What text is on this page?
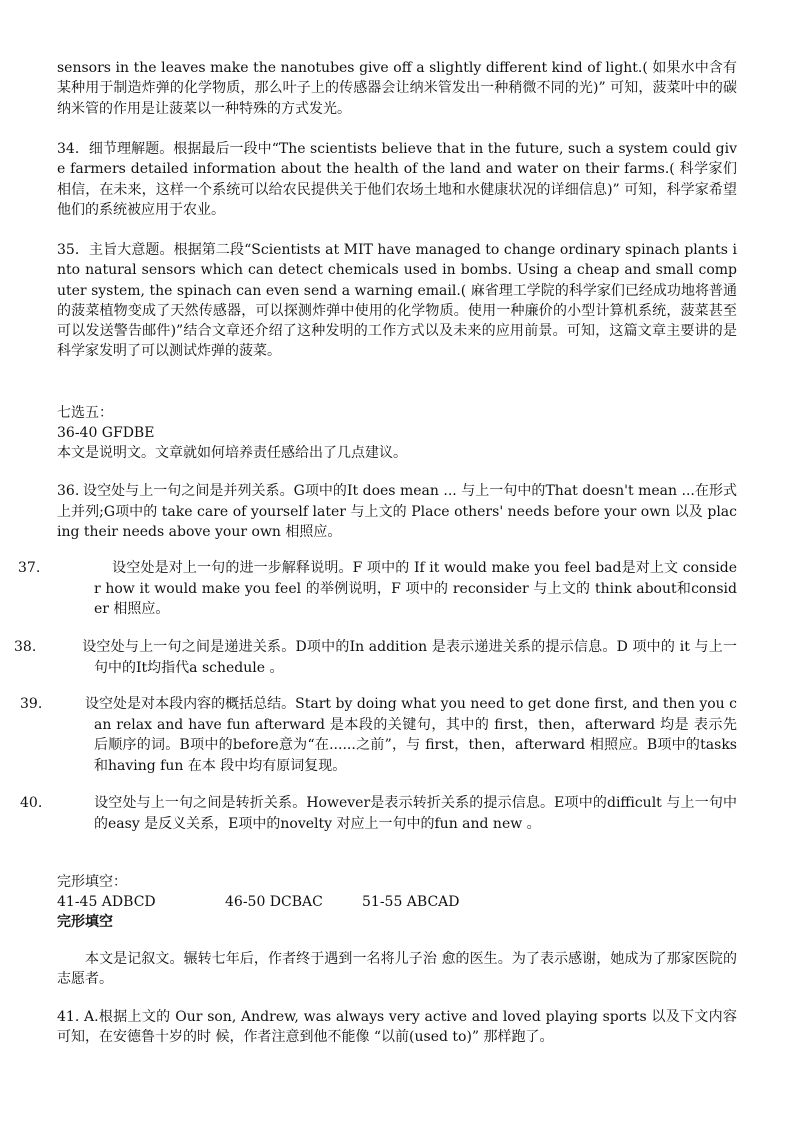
sensors in the leaves make the nanotubes give off a slightly different kind of light.( 如果水中含有某种用于制造炸弹的化学物质，那么叶子上的传感器会让纳米管发出一种稍微不同的光)” 可知，菠菜叶中的碳纳米管的作用是让菠菜以一种特殊的方式发光。
34．细节理解题。根据最后一段中“The scientists believe that in the future, such a system could give farmers detailed information about the health of the land and water on their farms.( 科学家们相信，在未来，这样一个系统可以给农民提供关于他们农场土地和水健康状况的详细信息)” 可知，科学家希望他们的系统被应用于农业。
35．主旨大意题。根据第二段“Scientists at MIT have managed to change ordinary spinach plants into natural sensors which can detect chemicals used in bombs. Using a cheap and small computer system, the spinach can even send a warning email.( 麻省理工学院的科学家们已经成功地将普通的菠菜植物变成了天然传感器，可以探测炸弹中使用的化学物质。使用一种廉价的小型计算机系统，菠菜甚至可以发送警告邮件)”结合文章还介绍了这种发明的工作方式以及未来的应用前景。可知，这篇文章主要讲的是科学家发明了可以测试炸弹的菠菜。
七选五：
36-40 GFDBE
本文是说明文。文章就如何培养责任感给出了几点建议。
36. 设空处与上一句之间是并列关系。G项中的It does mean ... 与上一句中的That doesn't mean ...在形式上并列;G项中的 take care of yourself later 与上文的 Place others' needs before your own 以及 placing their needs above your own 相照应。
37.	设空处是对上一句的进一步解释说明。F 项中的 If it would make you feel bad是对上文 consider how it would make you feel 的举例说明，F 项中的 reconsider 与上文的 think about和consider 相照应。
38.	设空处与上一句之间是递进关系。D项中的In addition 是表示递进关系的提示信息。D 项中的 it 与上一句中的It均指代a schedule 。
39.	设空处是对本段内容的概括总结。Start by doing what you need to get done first, and then you can relax and have fun afterward 是本段的关键句，其中的 first，then，afterward 均是 表示先后顺序的词。B项中的before意为“在......之前”，与 first，then，afterward 相照应。B项中的tasks和having fun 在本 段中均有原词复现。
40.	设空处与上一句之间是转折关系。However是表示转折关系的提示信息。E项中的difficult 与上一句中的easy 是反义关系，E项中的novelty 对应上一句中的fun and new 。
完形填空：
41-45 ADBCD	46-50 DCBAC	51-55 ABCAD
完形填空
本文是记叙文。辗转七年后，作者终于遇到一名将儿子治 愈的医生。为了表示感谢，她成为了那家医院的志愿者。
41. A.根据上文的 Our son, Andrew, was always very active and loved playing sports 以及下文内容可知，在安德鲁十岁的时 候，作者注意到他不能像 “以前(used to)” 那样跑了。
